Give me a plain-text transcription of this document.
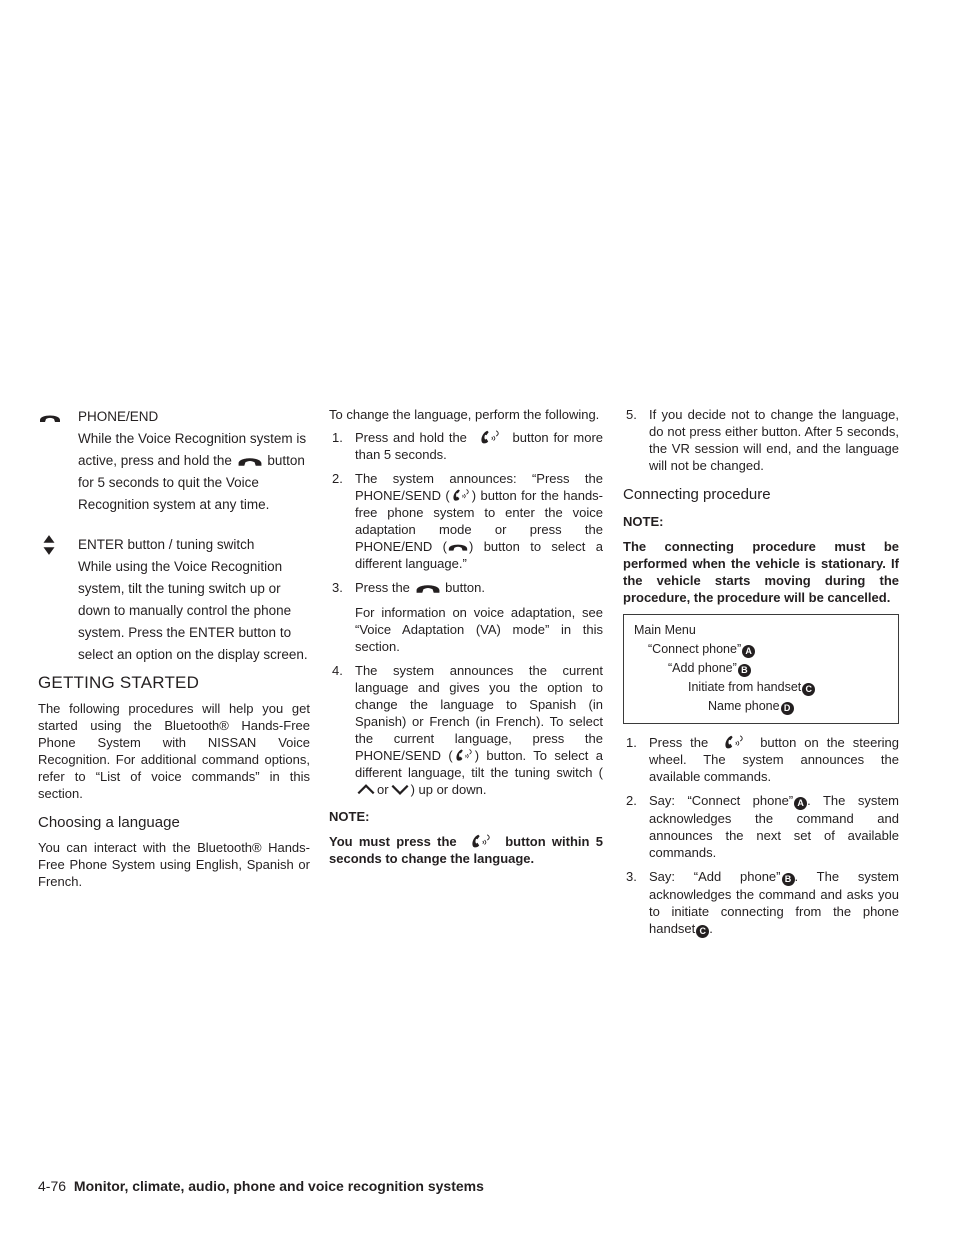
PHONE/END
While the Voice Recognition system is active, press and hold the	button for 5 seconds to quit the Voice Recognition system at any time.
ENTER button / tuning switch
While using the Voice Recognition system, tilt the tuning switch up or down to manually control the phone system. Press the ENTER button to select an option on the display screen.
GETTING STARTED

The following procedures will help you get started using the Bluetooth® Hands-Free Phone System with NISSAN Voice Recognition. For additional command options, refer to “List of voice commands” in this section.

Choosing a language

You can interact with the Bluetooth® Hands-Free Phone System using English, Spanish or French.

To change the language, perform the following.

1. Press and hold the	button for more than 5 seconds.
2. The system announces: “Press the PHONE/SEND ( ) button for the hands-free phone system to enter the voice adaptation mode or press the PHONE/END ( ) button to select a different language.”
3. Press the	button.
For information on voice adaptation, see “Voice Adaptation (VA) mode” in this section.
4. The system announces the current language and gives you the option to change the language to Spanish (in Spanish) or French (in French). To select the current language, press the PHONE/SEND ( ) button. To select a different language, tilt the tuning switch (or ) up or down.
NOTE:

You must press the	button within 5 seconds to change the language.

5. If you decide not to change the language, do not press either button. After 5 seconds, the VR session will end, and the language will not be changed.
Connecting procedure
NOTE:

The connecting procedure must be performed when the vehicle is stationary. If the vehicle starts moving during the procedure, the procedure will be cancelled.

Main Menu
“Connect phone” A
“Add phone” B
Initiate from handset C
Name phone D
1. Press the	button on the steering wheel. The system announces the available commands.
2. Say: “Connect phone” A . The system acknowledges the command and announces the next set of available commands.
3. Say: “Add phone” B . The system acknowledges the command and asks you to initiate connecting from the phone handset C .
4-76 Monitor, climate, audio, phone and voice recognition systems
